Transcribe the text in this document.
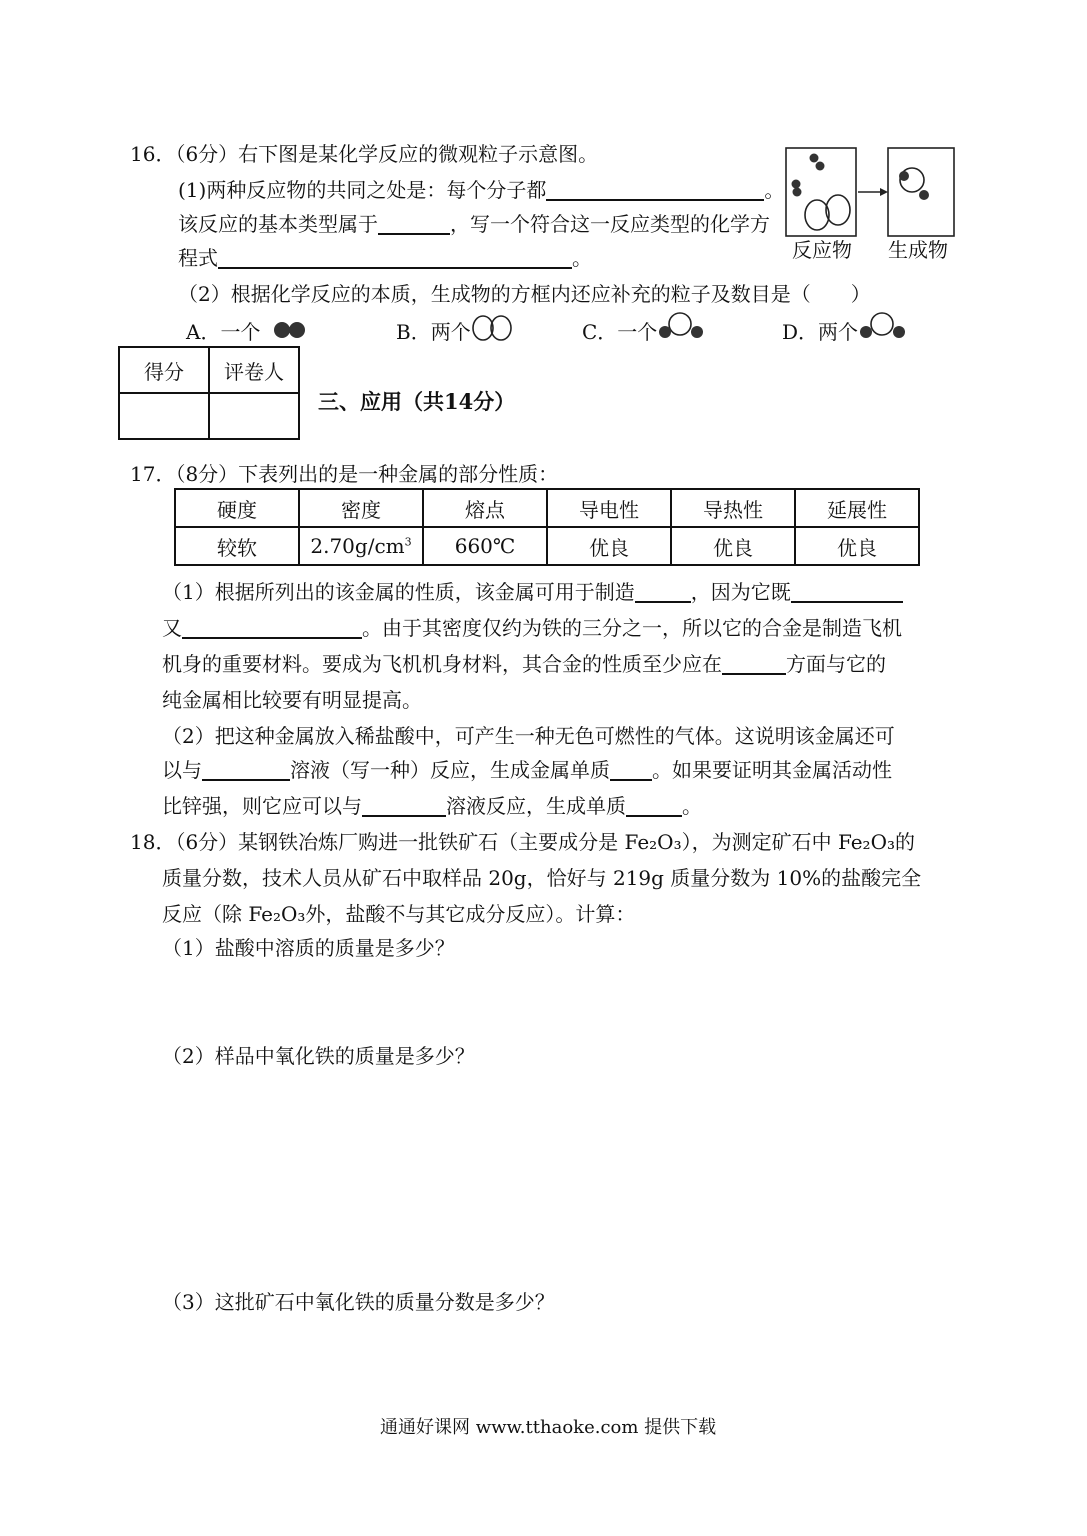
16．（6分）右下图是某化学反应的微观粒子示意图。
(1)两种反应物的共同之处是：每个分子都	。
该反应的基本类型属于	，写一个符合这一反应类型的化学方
程式	。
（2）根据化学反应的本质，生成物的方框内还应补充的粒子及数目是（　　）
A．一个	B．两个	C．一个	D．两个
反应物 生成物
得分	评卷人

三、应用（共14分）
17．（8分）下表列出的是一种金属的部分性质：
硬度	密度	熔点	导电性	导热性	延展性
较软	$2.70g/cm^3$	660℃	优良	优良	优良
（1）根据所列出的该金属的性质，该金属可用于制造	，因为它既
又	。由于其密度仅约为铁的三分之一，所以它的合金是制造飞机
机身的重要材料。要成为飞机机身材料，其合金的性质至少应在	方面与它的
纯金属相比较要有明显提高。
（2）把这种金属放入稀盐酸中，可产生一种无色可燃性的气体。这说明该金属还可
以与	溶液（写一种）反应，生成金属单质 。如果要证明其金属活动性
比锌强，则它应可以与	溶液反应，生成单质	。
18．（6分）某钢铁冶炼厂购进一批铁矿石（主要成分是 Fe₂O₃），为测定矿石中 Fe₂O₃的
质量分数，技术人员从矿石中取样品 20g，恰好与 219g 质量分数为 10%的盐酸完全
反应（除 Fe₂O₃外，盐酸不与其它成分反应）。计算：
（1）盐酸中溶质的质量是多少？
（2）样品中氧化铁的质量是多少？
（3）这批矿石中氧化铁的质量分数是多少？
通通好课网 www.tthaoke.com 提供下载
